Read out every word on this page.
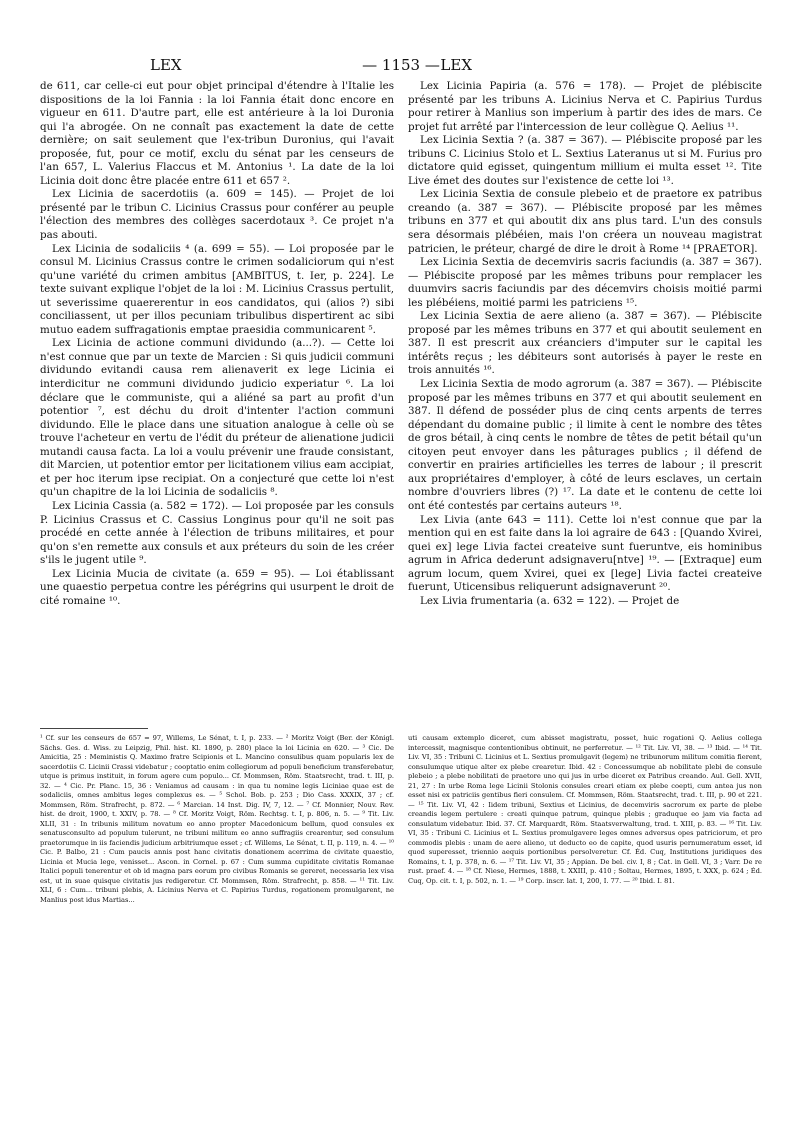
LEX	— 1153 — LEX

de 611, car celle-ci eut pour objet principal d'étendre à l'Italie les dispositions de la loi Fannia : la loi Fannia était donc encore en vigueur en 611. D'autre part, elle est antérieure à la loi Duronia qui l'a abrogée. On ne connaît pas exactement la date de cette dernière; on sait seulement que l'ex-tribun Duronius, qui l'avait proposée, fut, pour ce motif, exclu du sénat par les censeurs de l'an 657, L. Valerius Flaccus et M. Antonius ¹. La date de la loi Licinia doit donc être placée entre 611 et 657 ².

Lex Licinia de sacerdotiis (a. 609 = 145). — Projet de loi présenté par le tribun C. Licinius Crassus pour conférer au peuple l'élection des membres des collèges sacerdotaux ³. Ce projet n'a pas abouti.

Lex Licinia de sodaliciis ⁴ (a. 699 = 55). — Loi proposée par le consul M. Licinius Crassus contre le crimen sodaliciorum qui n'est qu'une variété du crimen ambitus [AMBITUS, t. Ier, p. 224]. Le texte suivant explique l'objet de la loi : M. Licinius Crassus pertulit, ut severissime quaererentur in eos candidatos, qui (alios ?) sibi conciliassent, ut per illos pecuniam tribulibus dispertirent ac sibi mutuo eadem suffragationis emptae praesidia communicarent ⁵.

Lex Licinia de actione communi dividundo (a...?). — Cette loi n'est connue que par un texte de Marcien : Si quis judicii communi dividundo evitandi causa rem alienaverit ex lege Licinia ei interdicitur ne communi dividundo judicio experiatur ⁶. La loi déclare que le communiste, qui a aliéné sa part au profit d'un potentior ⁷, est déchu du droit d'intenter l'action communi dividundo. Elle le place dans une situation analogue à celle où se trouve l'acheteur en vertu de l'édit du préteur de alienatione judicii mutandi causa facta. La loi a voulu prévenir une fraude consistant, dit Marcien, ut potentior emtor per licitationem vilius eam accipiat, et per hoc iterum ipse recipiat. On a conjecturé que cette loi n'est qu'un chapitre de la loi Licinia de sodaliciis ⁸.

Lex Licinia Cassia (a. 582 = 172). — Loi proposée par les consuls P. Licinius Crassus et C. Cassius Longinus pour qu'il ne soit pas procédé en cette année à l'élection de tribuns militaires, et pour qu'on s'en remette aux consuls et aux préteurs du soin de les créer s'ils le jugent utile ⁹.

Lex Licinia Mucia de civitate (a. 659 = 95). — Loi établissant une quaestio perpetua contre les pérégrins qui usurpent le droit de cité romaine ¹⁰.

Lex Licinia Papiria (a. 576 = 178). — Projet de plébiscite présenté par les tribuns A. Licinius Nerva et C. Papirius Turdus pour retirer à Manlius son imperium à partir des ides de mars. Ce projet fut arrêté par l'intercession de leur collègue Q. Aelius ¹¹.

Lex Licinia Sextia ? (a. 387 = 367). — Plébiscite proposé par les tribuns C. Licinius Stolo et L. Sextius Lateranus ut si M. Furius pro dictatore quid egisset, quingentum millium ei multa esset ¹². Tite Live émet des doutes sur l'existence de cette loi ¹³.

Lex Licinia Sextia de consule plebeio et de praetore ex patribus creando (a. 387 = 367). — Plébiscite proposé par les mêmes tribuns en 377 et qui aboutit dix ans plus tard. L'un des consuls sera désormais plébéien, mais l'on créera un nouveau magistrat patricien, le préteur, chargé de dire le droit à Rome ¹⁴ [PRAETOR].

Lex Licinia Sextia de decemviris sacris faciundis (a. 387 = 367). — Plébiscite proposé par les mêmes tribuns pour remplacer les duumvirs sacris faciundis par des décemvirs choisis moitié parmi les plébéiens, moitié parmi les patriciens ¹⁵.

Lex Licinia Sextia de aere alieno (a. 387 = 367). — Plébiscite proposé par les mêmes tribuns en 377 et qui aboutit seulement en 387. Il est prescrit aux créanciers d'imputer sur le capital les intérêts reçus ; les débiteurs sont autorisés à payer le reste en trois annuités ¹⁶.

Lex Licinia Sextia de modo agrorum (a. 387 = 367). — Plébiscite proposé par les mêmes tribuns en 377 et qui aboutit seulement en 387. Il défend de posséder plus de cinq cents arpents de terres dépendant du domaine public ; il limite à cent le nombre des têtes de gros bétail, à cinq cents le nombre de têtes de petit bétail qu'un citoyen peut envoyer dans les pâturages publics ; il défend de convertir en prairies artificielles les terres de labour ; il prescrit aux propriétaires d'employer, à côté de leurs esclaves, un certain nombre d'ouvriers libres (?) ¹⁷. La date et le contenu de cette loi ont été contestés par certains auteurs ¹⁸.

Lex Livia (ante 643 = 111). Cette loi n'est connue que par la mention qui en est faite dans la loi agraire de 643 : [Quando Xvirei, quei ex] lege Livia factei createive sunt fueruntve, eis hominibus agrum in Africa dederunt adsignaveru[ntve] ¹⁹. — [Extraque] eum agrum locum, quem Xvirei, quei ex [lege] Livia factei createive fuerunt, Uticensibus reliquerunt adsignaverunt ²⁰.

Lex Livia frumentaria (a. 632 = 122). — Projet de

¹ Cf. sur les censeurs de 657 = 97, Willems, Le Sénat, t. I, p. 233. — ² Moritz Voigt (Ber. der Königl. Sächs. Ges. d. Wiss. zu Leipzig, Phil. hist. Kl. 1890, p. 280) place la loi Licinia en 620. — ³ Cic. De Amicitia, 25 : Meministis Q. Maximo fratre Scipionis et L. Mancino consulibus quam popularis lex de sacerdotiis C. Licinii Crassi videbatur ; cooptatio enim collegiorum ad populi beneficium transferebatur, utque is primus instituit, in forum agere cum populo... Cf. Mommsen, Röm. Staatsrecht, trad. t. III, p. 32. — ⁴ Cic. Pr. Planc. 15, 36 : Veniamus ad causam : in qua tu nomine legis Liciniae quae est de sodaliciis, omnes ambitus leges complexus es. — ⁵ Schol. Bob. p. 253 ; Dio Cass. XXXIX, 37 ; cf. Mommsen, Röm. Strafrecht, p. 872. — ⁶ Marcian. 14 Inst. Dig. IV, 7, 12. — ⁷ Cf. Monnier, Nouv. Rev. hist. de droit, 1900, t. XXIV, p. 78. — ⁸ Cf. Moritz Voigt, Röm. Rechtsg. t. I, p. 806, n. 5. — ⁹ Tit. Liv. XLII, 31 : In tribunis militum novatum eo anno propter Macedonicum bellum, quod consules ex senatusconsulto ad populum tulerunt, ne tribuni militum eo anno suffragiis crearentur, sed consulum praetorumque in iis faciendis judicium arbitriumque esset ; cf. Willems, Le Sénat, t. II, p. 119, n. 4. — ¹⁰ Cic. P. Balbo, 21 : Cum paucis annis post hanc civitatis donationem acerrima de civitate quaestio, Licinia et Mucia lege, venisset... Ascon. in Cornel. p. 67 : Cum summa cupiditate civitatis Romanae Italici populi tenerentur et ob id magna pars eorum pro civibus Romanis se gereret, necessaria lex visa est, ut in suae quisque civitatis jus redigeretur. Cf. Mommsen, Röm. Strafrecht, p. 858. — ¹¹ Tit. Liv. XLI, 6 : Cum... tribuni plebis, A. Licinius Nerva et C. Papirius Turdus, rogationem promulgarent, ne Manlius post idus Martias...

uti causam extemplo diceret, cum abisset magistratu, posset, huic rogationi Q. Aelius collega intercessit, magnisque contentionibus obtinuit, ne perferretur. — ¹² Tit. Liv. VI, 38. — ¹³ Ibid. — ¹⁴ Tit. Liv. VI, 35 : Tribuni C. Licinius et L. Sextius promulgavit (legem) ne tribunorum militum comitia fierent, consulumque utique alter ex plebe crearetur. Ibid. 42 : Concessumque ab nobilitate plebi de consule plebeio ; a plebe nobilitati de praetore uno qui jus in urbe diceret ex Patribus creando. Aul. Gell. XVII, 21, 27 : In urbe Roma lege Licinii Stolonis consules creari etiam ex plebe coepti, cum antea jus non esset nisi ex patriciis gentibus fieri consulem. Cf. Mommsen, Röm. Staatsrecht, trad. t. III, p. 90 et 221. — ¹⁵ Tit. Liv. VI, 42 : Iidem tribuni, Sextius et Licinius, de decemviris sacrorum ex parte de plebe creandis legem pertulere : creati quinque patrum, quinque plebis ; graduque eo jam via facta ad consulatum videbatur. Ibid. 37. Cf. Marquardt, Röm. Staatsverwaltung, trad. t. XIII, p. 83. — ¹⁶ Tit. Liv. VI, 35 : Tribuni C. Licinius et L. Sextius promulgavere leges omnes adversus opes patriciorum, et pro commodis plebis : unam de aere alieno, ut deducto eo de capite, quod usuris pernumeratum esset, id quod superesset, triennio aequis portionibus persolveretur. Cf. Éd. Cuq, Institutions juridiques des Romains, t. I, p. 378, n. 6. — ¹⁷ Tit. Liv. VI, 35 ; Appian. De bel. civ. I, 8 ; Cat. in Gell. VI, 3 ; Varr. De re rust. praef. 4. — ¹⁸ Cf. Niese, Hermes, 1888, t. XXIII, p. 410 ; Soltau, Hermes, 1895, t. XXX, p. 624 ; Éd. Cuq, Op. cit. t. I, p. 502, n. 1. — ¹⁹ Corp. inscr. lat. I, 200, I. 77. — ²⁰ Ibid. I. 81.
